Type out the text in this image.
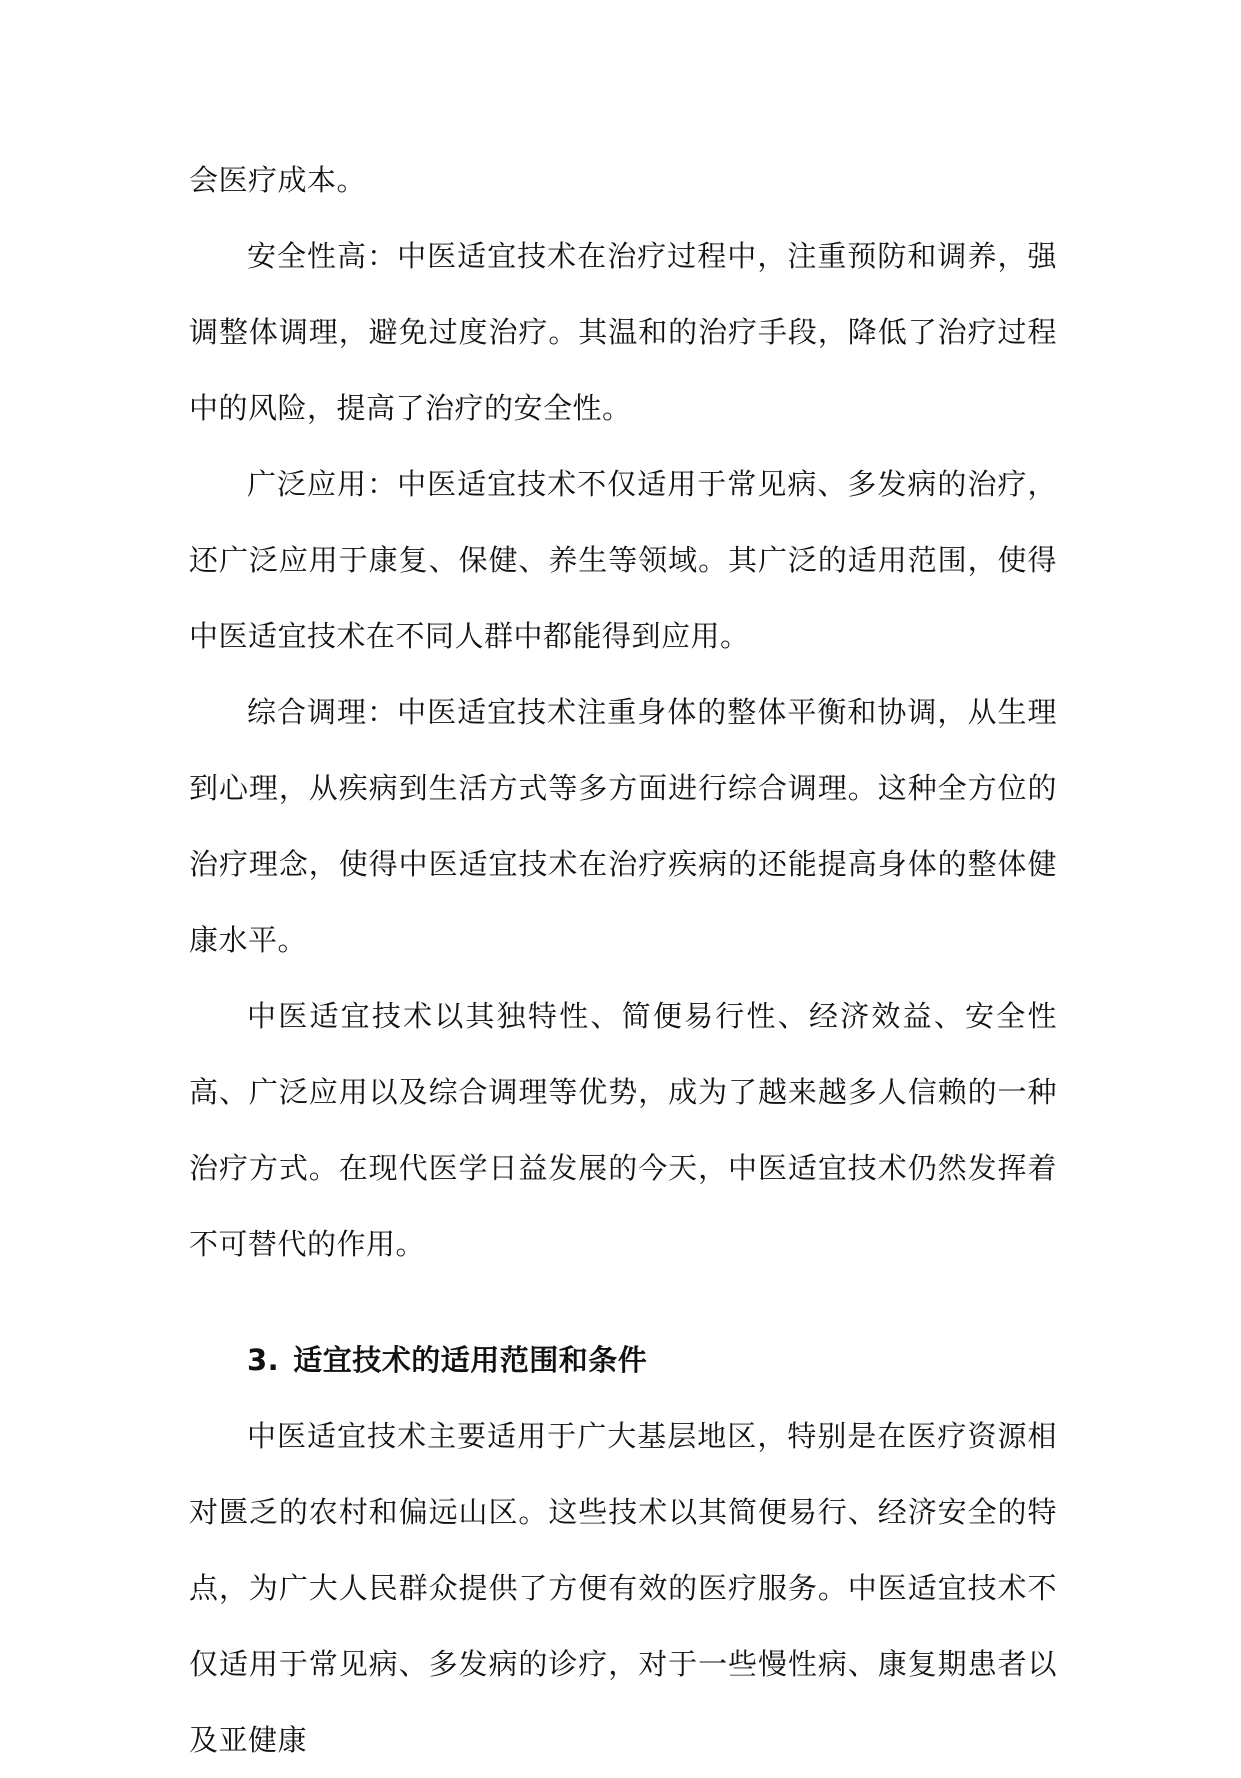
会医疗成本。

安全性高：中医适宜技术在治疗过程中，注重预防和调养，强调整体调理，避免过度治疗。其温和的治疗手段，降低了治疗过程中的风险，提高了治疗的安全性。

广泛应用：中医适宜技术不仅适用于常见病、多发病的治疗，还广泛应用于康复、保健、养生等领域。其广泛的适用范围，使得中医适宜技术在不同人群中都能得到应用。

综合调理：中医适宜技术注重身体的整体平衡和协调，从生理到心理，从疾病到生活方式等多方面进行综合调理。这种全方位的治疗理念，使得中医适宜技术在治疗疾病的还能提高身体的整体健康水平。

中医适宜技术以其独特性、简便易行性、经济效益、安全性高、广泛应用以及综合调理等优势，成为了越来越多人信赖的一种治疗方式。在现代医学日益发展的今天，中医适宜技术仍然发挥着不可替代的作用。

3. 适宜技术的适用范围和条件

中医适宜技术主要适用于广大基层地区，特别是在医疗资源相对匮乏的农村和偏远山区。这些技术以其简便易行、经济安全的特点，为广大人民群众提供了方便有效的医疗服务。中医适宜技术不仅适用于常见病、多发病的诊疗，对于一些慢性病、康复期患者以及亚健康
